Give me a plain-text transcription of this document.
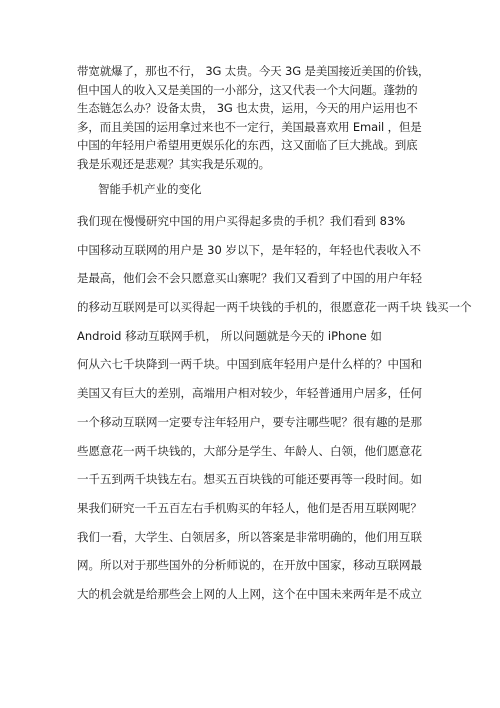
带宽就爆了，那也不行， 3G 太贵。今天 3G 是美国接近美国的价钱，
但中国人的收入又是美国的一小部分，这又代表一个大问题。蓬勃的
生态链怎么办？设备太贵， 3G 也太贵，运用，今天的用户运用也不
多，而且美国的运用拿过来也不一定行，美国最喜欢用 Email ，但是
中国的年轻用户希望用更娱乐化的东西，这又面临了巨大挑战。到底
我是乐观还是悲观？其实我是乐观的。
智能手机产业的变化
我们现在慢慢研究中国的用户买得起多贵的手机？我们看到 83%
中国移动互联网的用户是 30 岁以下，是年轻的，年轻也代表收入不
是最高，他们会不会只愿意买山寨呢？我们又看到了中国的用户年轻
的移动互联网是可以买得起一两千块钱的手机的，很愿意花一两千块 钱买一个
Android 移动互联网手机， 所以问题就是今天的 iPhone 如
何从六七千块降到一两千块。中国到底年轻用户是什么样的？中国和
美国又有巨大的差别，高端用户相对较少，年轻普通用户居多，任何
一个移动互联网一定要专注年轻用户，要专注哪些呢？很有趣的是那
些愿意花一两千块钱的，大部分是学生、年龄人、白领，他们愿意花
一千五到两千块钱左右。想买五百块钱的可能还要再等一段时间。如
果我们研究一千五百左右手机购买的年轻人，他们是否用互联网呢？
我们一看，大学生、白领居多，所以答案是非常明确的，他们用互联
网。所以对于那些国外的分析师说的，在开放中国家，移动互联网最
大的机会就是给那些会上网的人上网，这个在中国未来两年是不成立
